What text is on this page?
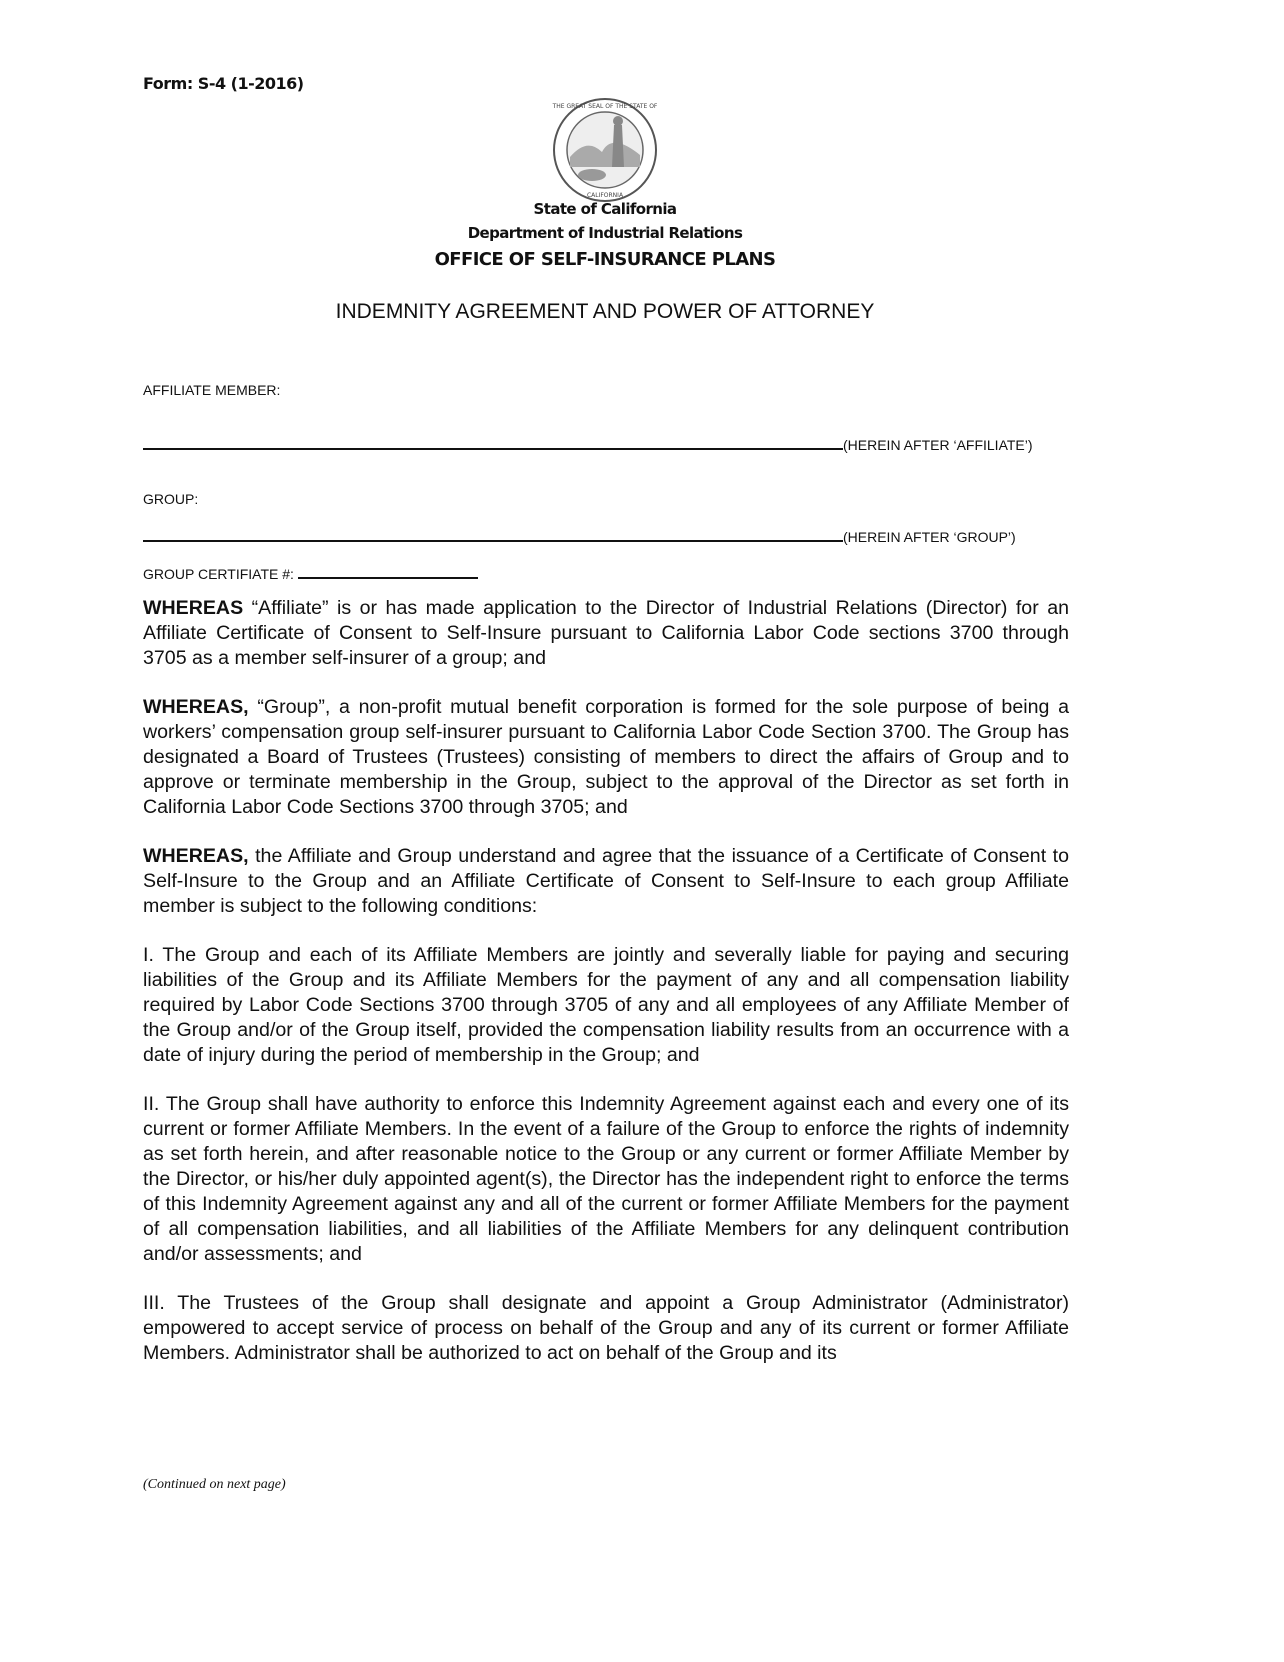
Form: S-4 (1-2016)
THE GREAT SEAL OF THE STATE OF
CALIFORNIA
State of California
Department of Industrial Relations
OFFICE OF SELF-INSURANCE PLANS
INDEMNITY AGREEMENT AND POWER OF ATTORNEY
AFFILIATE MEMBER:
(HEREIN AFTER ‘AFFILIATE’)
GROUP:
(HEREIN AFTER ‘GROUP’)
GROUP CERTIFIATE #:

WHEREAS “Affiliate” is or has made application to the Director of Industrial Relations (Director) for an Affiliate Certificate of Consent to Self-Insure pursuant to California Labor Code sections 3700 through 3705 as a member self-insurer of a group; and

WHEREAS, “Group”, a non-profit mutual benefit corporation is formed for the sole purpose of being a workers’ compensation group self-insurer pursuant to California Labor Code Section 3700. The Group has designated a Board of Trustees (Trustees) consisting of members to direct the affairs of Group and to approve or terminate membership in the Group, subject to the approval of the Director as set forth in California Labor Code Sections 3700 through 3705; and

WHEREAS, the Affiliate and Group understand and agree that the issuance of a Certificate of Consent to Self-Insure to the Group and an Affiliate Certificate of Consent to Self-Insure to each group Affiliate member is subject to the following conditions:

I. The Group and each of its Affiliate Members are jointly and severally liable for paying and securing liabilities of the Group and its Affiliate Members for the payment of any and all compensation liability required by Labor Code Sections 3700 through 3705 of any and all employees of any Affiliate Member of the Group and/or of the Group itself, provided the compensation liability results from an occurrence with a date of injury during the period of membership in the Group; and

II. The Group shall have authority to enforce this Indemnity Agreement against each and every one of its current or former Affiliate Members. In the event of a failure of the Group to enforce the rights of indemnity as set forth herein, and after reasonable notice to the Group or any current or former Affiliate Member by the Director, or his/her duly appointed agent(s), the Director has the independent right to enforce the terms of this Indemnity Agreement against any and all of the current or former Affiliate Members for the payment of all compensation liabilities, and all liabilities of the Affiliate Members for any delinquent contribution and/or assessments; and

III. The Trustees of the Group shall designate and appoint a Group Administrator (Administrator) empowered to accept service of process on behalf of the Group and any of its current or former Affiliate Members. Administrator shall be authorized to act on behalf of the Group and its

(Continued on next page)
